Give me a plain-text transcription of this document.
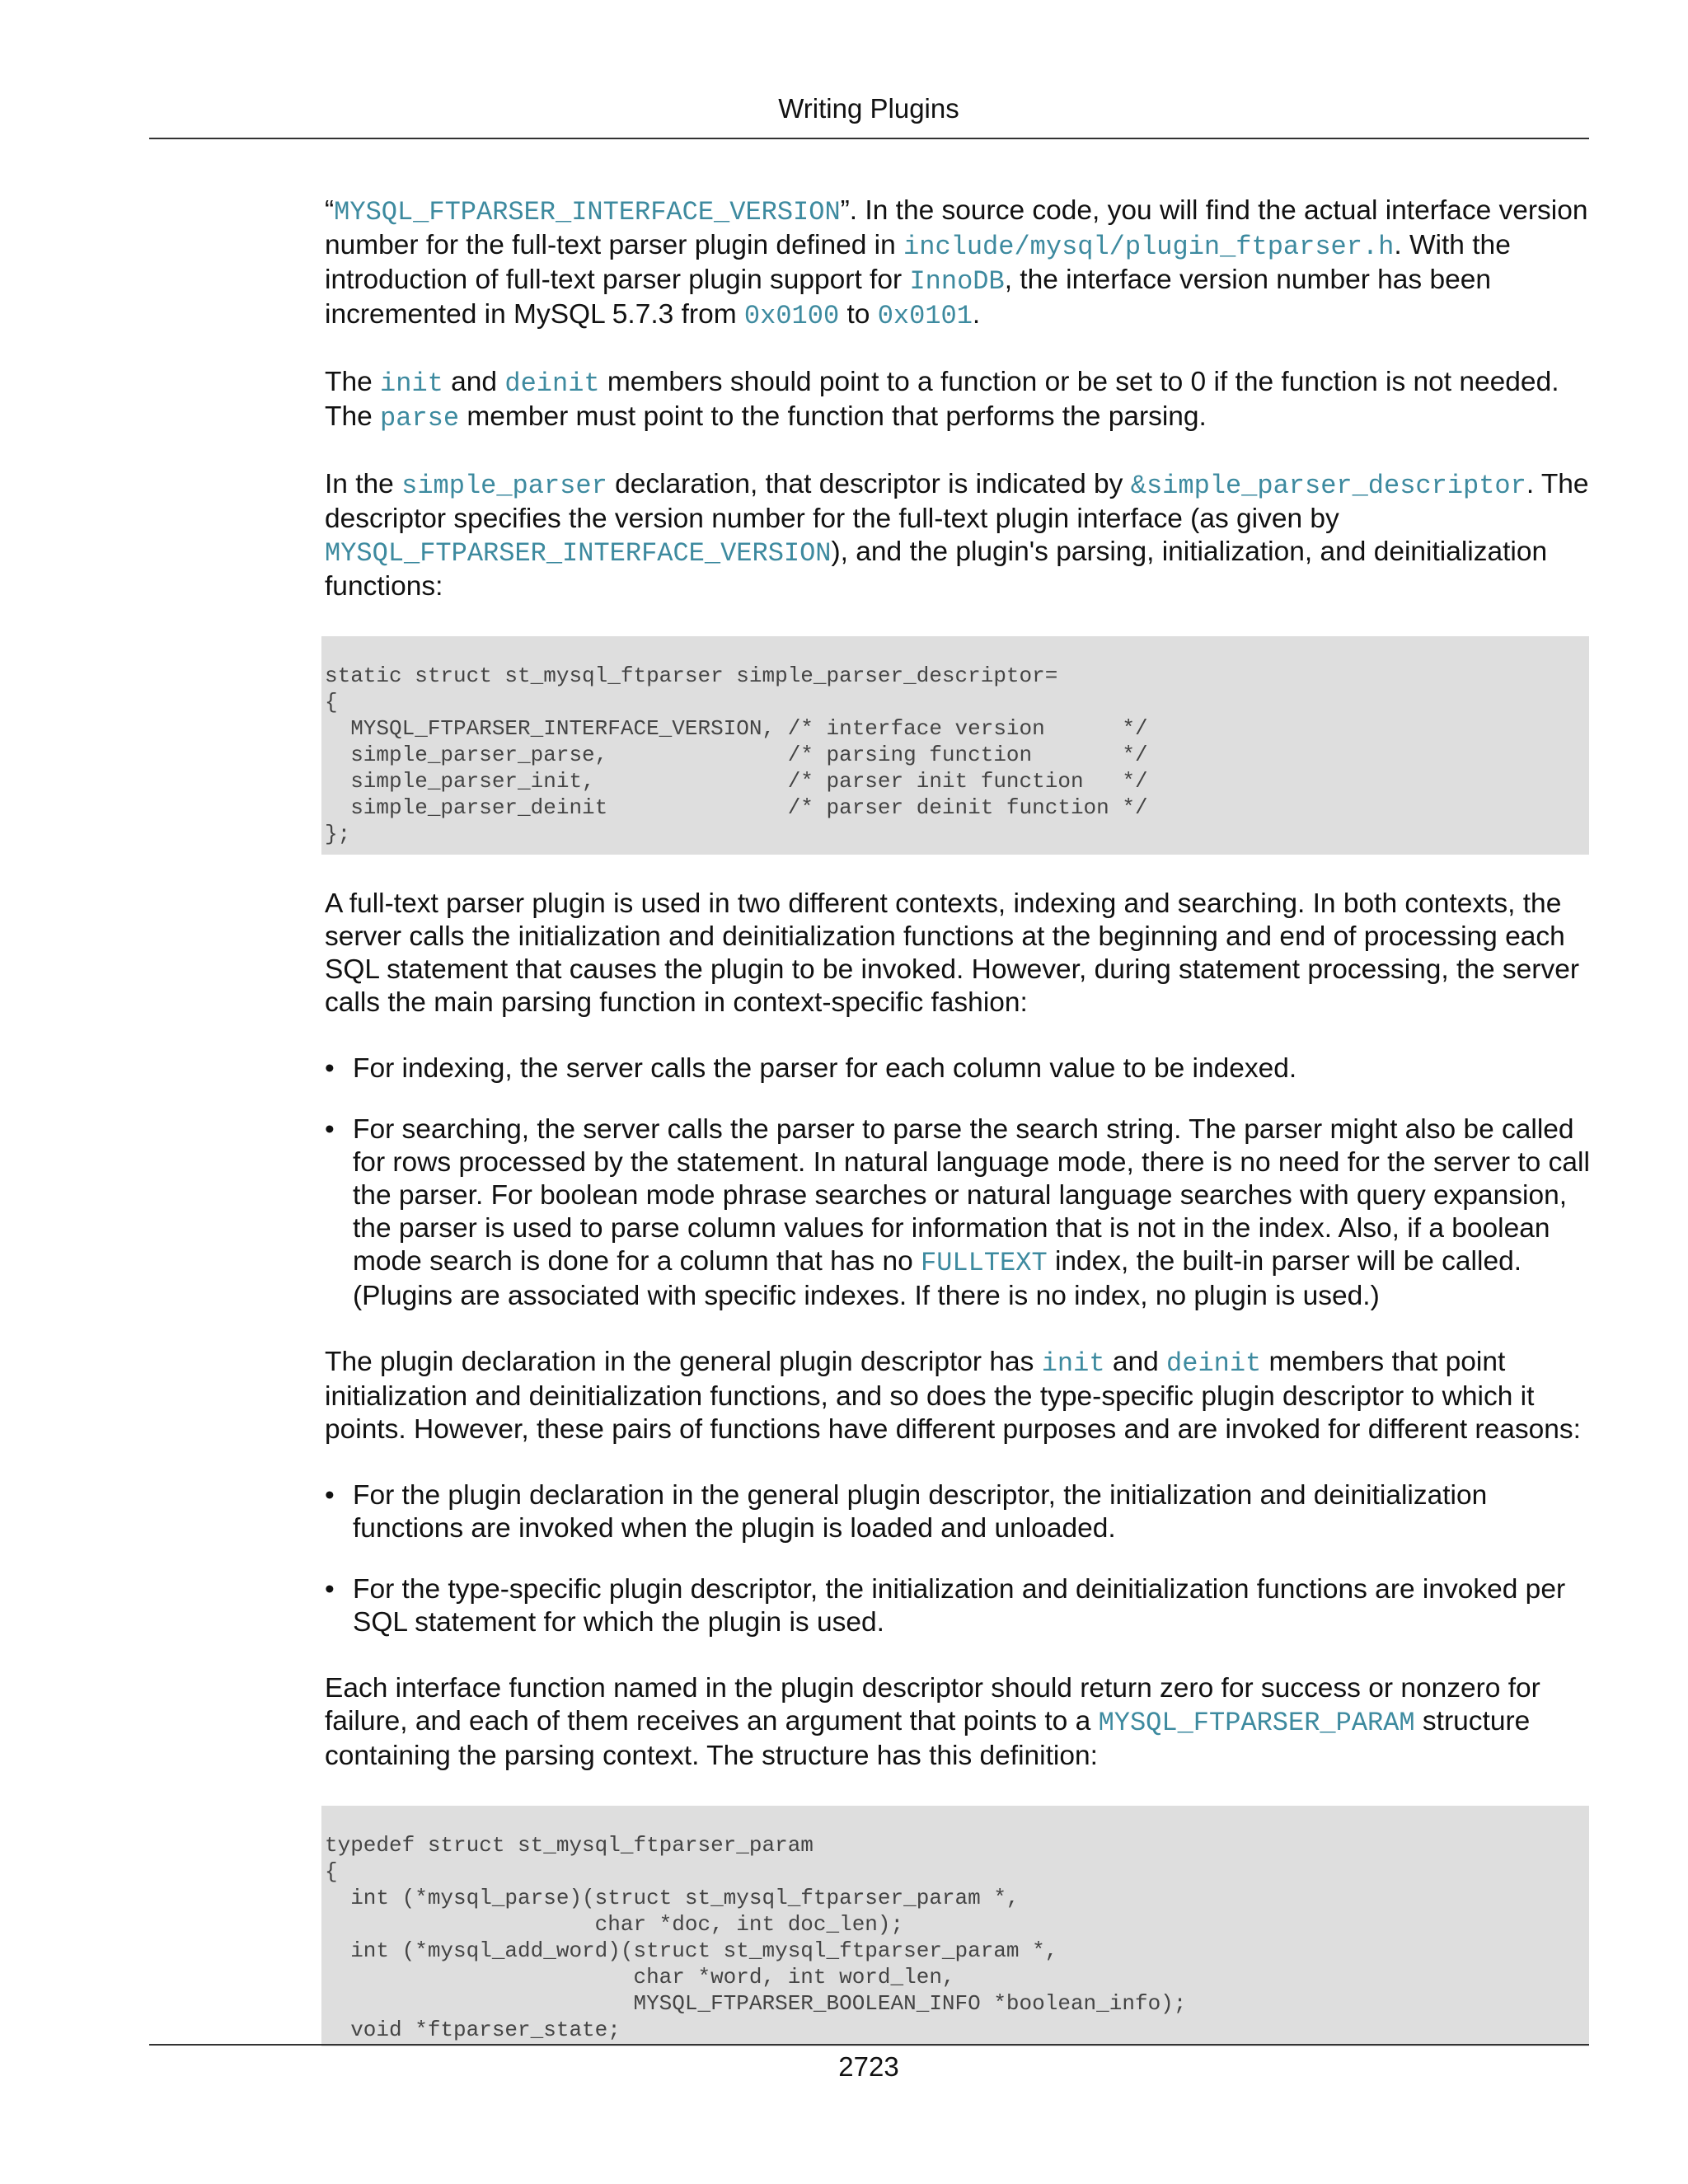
Writing Plugins

“MYSQL_FTPARSER_INTERFACE_VERSION”. In the source code, you will find the actual interface version number for the full-text parser plugin defined in include/mysql/plugin_ftparser.h. With the introduction of full-text parser plugin support for InnoDB, the interface version number has been incremented in MySQL 5.7.3 from 0x0100 to 0x0101.

The init and deinit members should point to a function or be set to 0 if the function is not needed. The parse member must point to the function that performs the parsing.

In the simple_parser declaration, that descriptor is indicated by &simple_parser_descriptor. The descriptor specifies the version number for the full-text plugin interface (as given by MYSQL_FTPARSER_INTERFACE_VERSION), and the plugin's parsing, initialization, and deinitialization functions:

static struct st_mysql_ftparser simple_parser_descriptor=
{
MYSQL_FTPARSER_INTERFACE_VERSION, /* interface version      */
simple_parser_parse,              /* parsing function       */
simple_parser_init,               /* parser init function   */
simple_parser_deinit              /* parser deinit function */
};

A full-text parser plugin is used in two different contexts, indexing and searching. In both contexts, the server calls the initialization and deinitialization functions at the beginning and end of processing each SQL statement that causes the plugin to be invoked. However, during statement processing, the server calls the main parsing function in context-specific fashion:

• For indexing, the server calls the parser for each column value to be indexed.
• For searching, the server calls the parser to parse the search string. The parser might also be called for rows processed by the statement. In natural language mode, there is no need for the server to call the parser. For boolean mode phrase searches or natural language searches with query expansion, the parser is used to parse column values for information that is not in the index. Also, if a boolean mode search is done for a column that has no FULLTEXT index, the built-in parser will be called. (Plugins are associated with specific indexes. If there is no index, no plugin is used.)

The plugin declaration in the general plugin descriptor has init and deinit members that point initialization and deinitialization functions, and so does the type-specific plugin descriptor to which it points. However, these pairs of functions have different purposes and are invoked for different reasons:

• For the plugin declaration in the general plugin descriptor, the initialization and deinitialization functions are invoked when the plugin is loaded and unloaded.
• For the type-specific plugin descriptor, the initialization and deinitialization functions are invoked per SQL statement for which the plugin is used.

Each interface function named in the plugin descriptor should return zero for success or nonzero for failure, and each of them receives an argument that points to a MYSQL_FTPARSER_PARAM structure containing the parsing context. The structure has this definition:

typedef struct st_mysql_ftparser_param
{
int (*mysql_parse)(struct st_mysql_ftparser_param *,
char *doc, int doc_len);
int (*mysql_add_word)(struct st_mysql_ftparser_param *,
char *word, int word_len,
MYSQL_FTPARSER_BOOLEAN_INFO *boolean_info);
void *ftparser_state;
2723
